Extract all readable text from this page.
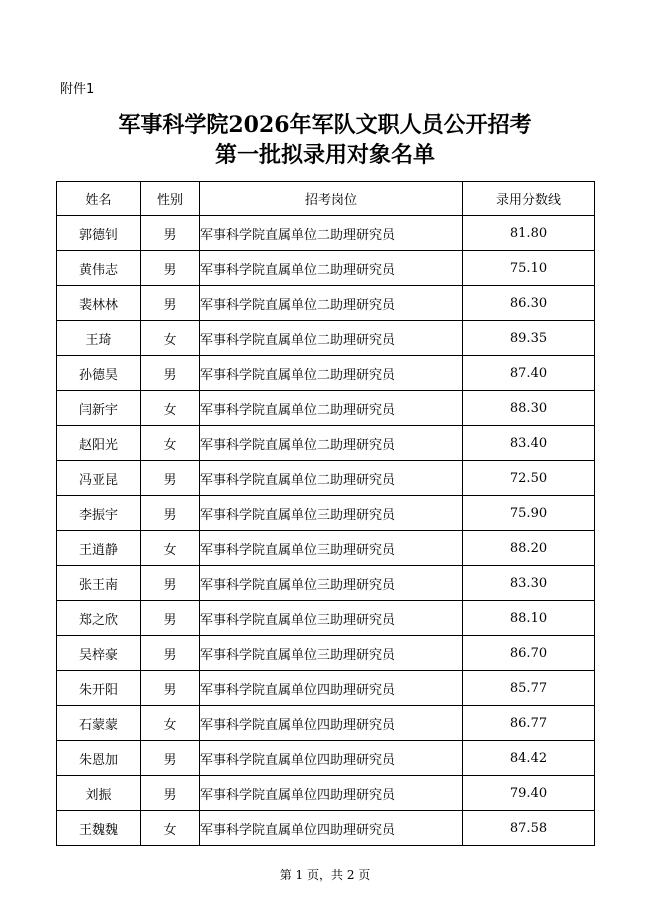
附件1
军事科学院2026年军队文职人员公开招考
第一批拟录用对象名单
姓名	性别	招考岗位	录用分数线
郭德钊	男	军事科学院直属单位二助理研究员	81.80
黄伟志	男	军事科学院直属单位二助理研究员	75.10
裴林林	男	军事科学院直属单位二助理研究员	86.30
王琦	女	军事科学院直属单位二助理研究员	89.35
孙德昊	男	军事科学院直属单位二助理研究员	87.40
闫新宇	女	军事科学院直属单位二助理研究员	88.30
赵阳光	女	军事科学院直属单位二助理研究员	83.40
冯亚昆	男	军事科学院直属单位二助理研究员	72.50
李振宇	男	军事科学院直属单位三助理研究员	75.90
王逍静	女	军事科学院直属单位三助理研究员	88.20
张王南	男	军事科学院直属单位三助理研究员	83.30
郑之欣	男	军事科学院直属单位三助理研究员	88.10
吴梓豪	男	军事科学院直属单位三助理研究员	86.70
朱开阳	男	军事科学院直属单位四助理研究员	85.77
石蒙蒙	女	军事科学院直属单位四助理研究员	86.77
朱恩加	男	军事科学院直属单位四助理研究员	84.42
刘振	男	军事科学院直属单位四助理研究员	79.40
王魏魏	女	军事科学院直属单位四助理研究员	87.58
第 1 页，共 2 页
